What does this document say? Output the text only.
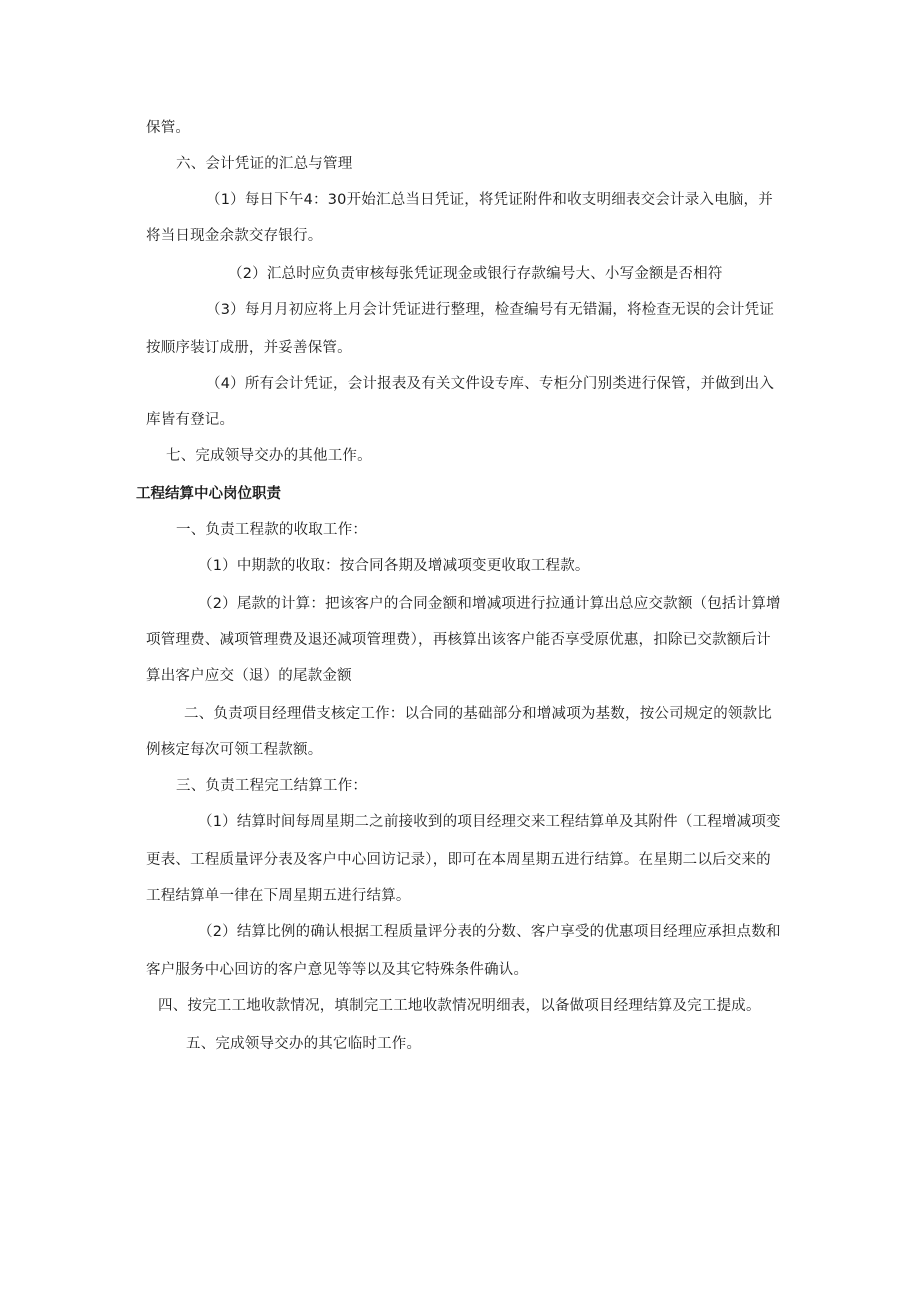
保管。
六、会计凭证的汇总与管理
（1）每日下午4：30开始汇总当日凭证，将凭证附件和收支明细表交会计录入电脑，并
将当日现金余款交存银行。
（2）汇总时应负责审核每张凭证现金或银行存款编号大、小写金额是否相符
（3）每月月初应将上月会计凭证进行整理，检查编号有无错漏，将检查无误的会计凭证
按顺序装订成册，并妥善保管。
（4）所有会计凭证，会计报表及有关文件设专库、专柜分门别类进行保管，并做到出入
库皆有登记。
七、完成领导交办的其他工作。
工程结算中心岗位职责
一、负责工程款的收取工作：
（1）中期款的收取：按合同各期及增减项变更收取工程款。
（2）尾款的计算：把该客户的合同金额和增减项进行拉通计算出总应交款额（包括计算增
项管理费、减项管理费及退还减项管理费），再核算出该客户能否享受原优惠，扣除已交款额后计
算出客户应交（退）的尾款金额
二、负责项目经理借支核定工作：以合同的基础部分和增减项为基数，按公司规定的领款比
例核定每次可领工程款额。
三、负责工程完工结算工作：
（1）结算时间每周星期二之前接收到的项目经理交来工程结算单及其附件（工程增减项变
更表、工程质量评分表及客户中心回访记录），即可在本周星期五进行结算。在星期二以后交来的
工程结算单一律在下周星期五进行结算。
（2）结算比例的确认根据工程质量评分表的分数、客户享受的优惠项目经理应承担点数和
客户服务中心回访的客户意见等等以及其它特殊条件确认。
四、按完工工地收款情况，填制完工工地收款情况明细表，以备做项目经理结算及完工提成。
五、完成领导交办的其它临时工作。
